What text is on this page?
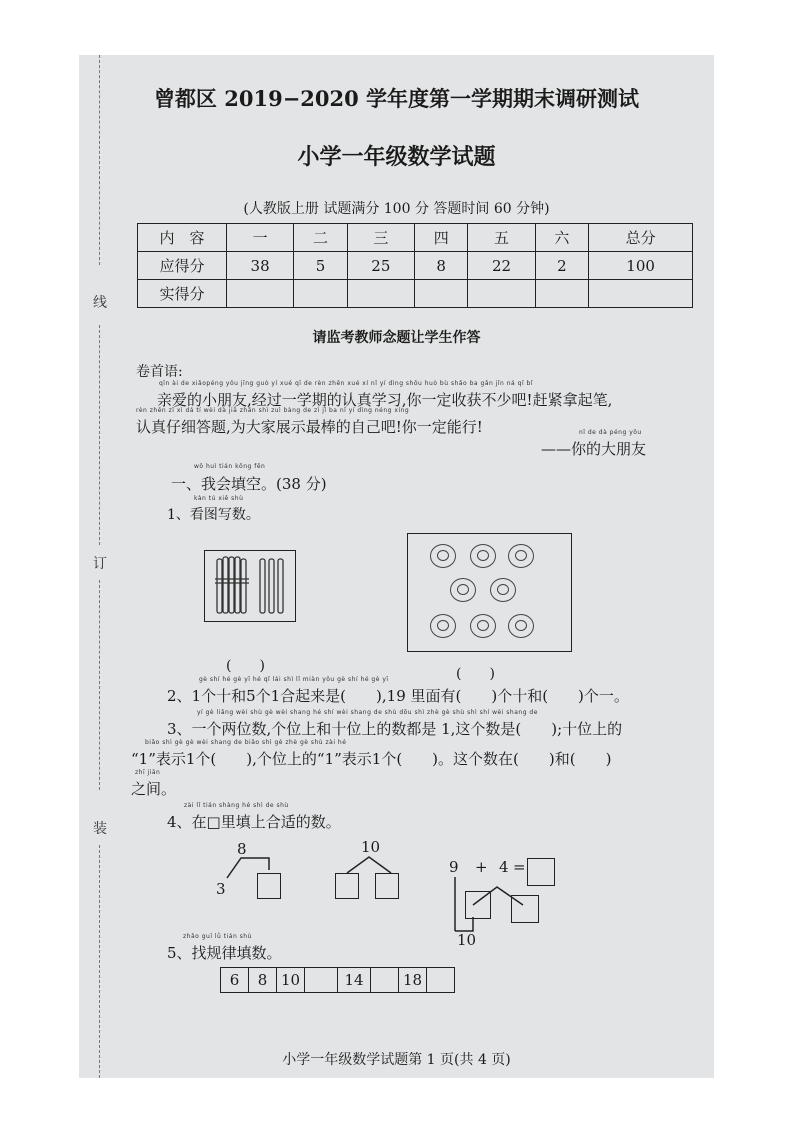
线
订
装
曾都区 2019−2020 学年度第一学期期末调研测试
小学一年级数学试题
(人教版上册 试题满分 100 分 答题时间 60 分钟)
内　容	一	二	三	四	五	六	总分
应得分	38	5	25	8	22	2	100
实得分							
请监考教师念题让学生作答
卷首语:
qīn ài de xiǎopéng yǒu jīng guò yí xué qī de rèn zhēn xué xí nǐ yí dìng shōu huò bù shǎo ba gǎn jǐn ná qǐ bǐ
亲爱的小朋友,经过一学期的认真学习,你一定收获不少吧!赶紧拿起笔,
rèn zhēn zǐ xì dá tí wèi dà jiā zhǎn shì zuì bàng de zì jǐ ba nǐ yí dìng néng xíng
认真仔细答题,为大家展示最棒的自己吧!你一定能行!	nǐ de dà péng yǒu
——你的大朋友
wǒ huì tián kōng fēn
一、我会填空。(38 分)
kàn tú xiě shù
1、看图写数。
(　　)	(　　)
gè shí hé gè yī hé qǐ lái shì lǐ miàn yǒu gè shí hé gè yī
2、1个十和5个1合起来是(　　),19 里面有(　　)个十和(　　)个一。
yí gè liǎng wèi shù gè wèi shang hé shí wèi shang de shù dōu shì zhè gè shù shì shí wèi shang de
3、一个两位数,个位上和十位上的数都是 1,这个数是(　　);十位上的
biǎo shì gè gè wèi shang de biǎo shì gè zhè gè shù zài hé
“1”表示1个(　　),个位上的“1”表示1个(　　)。这个数在(　　)和(　　)
zhī jiān
之间。
zài lǐ tián shàng hé shì de shù
4、在□里填上合适的数。
8
3
10
9 + 4 =
10
zhǎo guī lǜ tián shù
5、找规律填数。
6	8	10		14		18	
小学一年级数学试题第 1 页(共 4 页)
